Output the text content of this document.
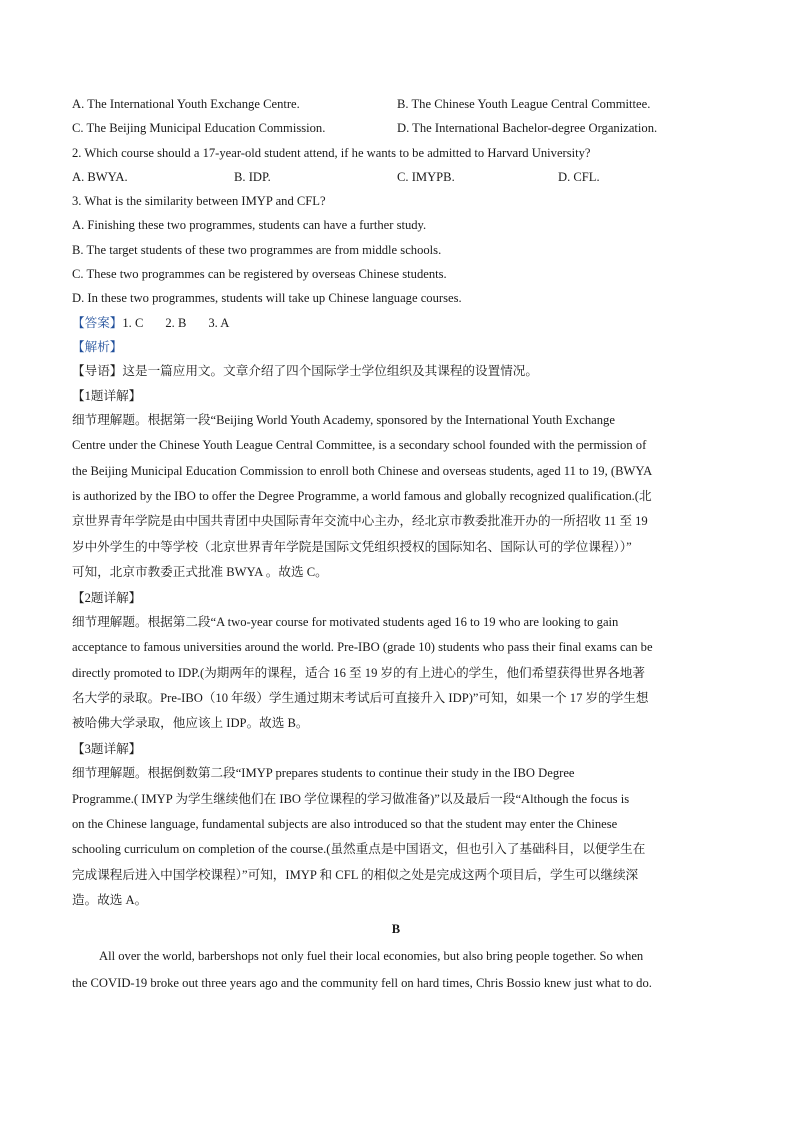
A. The International Youth Exchange Centre.	B. The Chinese Youth League Central Committee.
C. The Beijing Municipal Education Commission.	D. The International Bachelor-degree Organization.
2. Which course should a 17-year-old student attend, if he wants to be admitted to Harvard University?
A. BWYA.	B. IDP.	C. IMYPB.	D. CFL.
3. What is the similarity between IMYP and CFL?
A. Finishing these two programmes, students can have a further study.
B. The target students of these two programmes are from middle schools.
C. These two programmes can be registered by overseas Chinese students.
D. In these two programmes, students will take up Chinese language courses.
【答案】1. C 2. B 3. A
【解析】
【导语】这是一篇应用文。文章介绍了四个国际学士学位组织及其课程的设置情况。
【1题详解】
细节理解题。根据第一段“Beijing World Youth Academy, sponsored by the International Youth Exchange
Centre under the Chinese Youth League Central Committee, is a secondary school founded with the permission of
the Beijing Municipal Education Commission to enroll both Chinese and overseas students, aged 11 to 19, (BWYA
is authorized by the IBO to offer the Degree Programme, a world famous and globally recognized qualification.(北
京世界青年学院是由中国共青团中央国际青年交流中心主办，经北京市教委批准开办的一所招收 11 至 19
岁中外学生的中等学校（北京世界青年学院是国际文凭组织授权的国际知名、国际认可的学位课程））”
可知，北京市教委正式批准 BWYA 。故选 C。
【2题详解】
细节理解题。根据第二段“A two-year course for motivated students aged 16 to 19 who are looking to gain
acceptance to famous universities around the world. Pre-IBO (grade 10) students who pass their final exams can be
directly promoted to IDP.(为期两年的课程，适合 16 至 19 岁的有上进心的学生，他们希望获得世界各地著
名大学的录取。Pre-IBO（10 年级）学生通过期末考试后可直接升入 IDP)”可知，如果一个 17 岁的学生想
被哈佛大学录取，他应该上 IDP。故选 B。
【3题详解】
细节理解题。根据倒数第二段“IMYP prepares students to continue their study in the IBO Degree
Programme.( IMYP 为学生继续他们在 IBO 学位课程的学习做准备)”以及最后一段“Although the focus is
on the Chinese language, fundamental subjects are also introduced so that the student may enter the Chinese
schooling curriculum on completion of the course.(虽然重点是中国语文，但也引入了基础科目，以便学生在
完成课程后进入中国学校课程）”可知，IMYP 和 CFL 的相似之处是完成这两个项目后，学生可以继续深
造。故选 A。
B
All over the world, barbershops not only fuel their local economies, but also bring people together. So when
the COVID-19 broke out three years ago and the community fell on hard times, Chris Bossio knew just what to do.
